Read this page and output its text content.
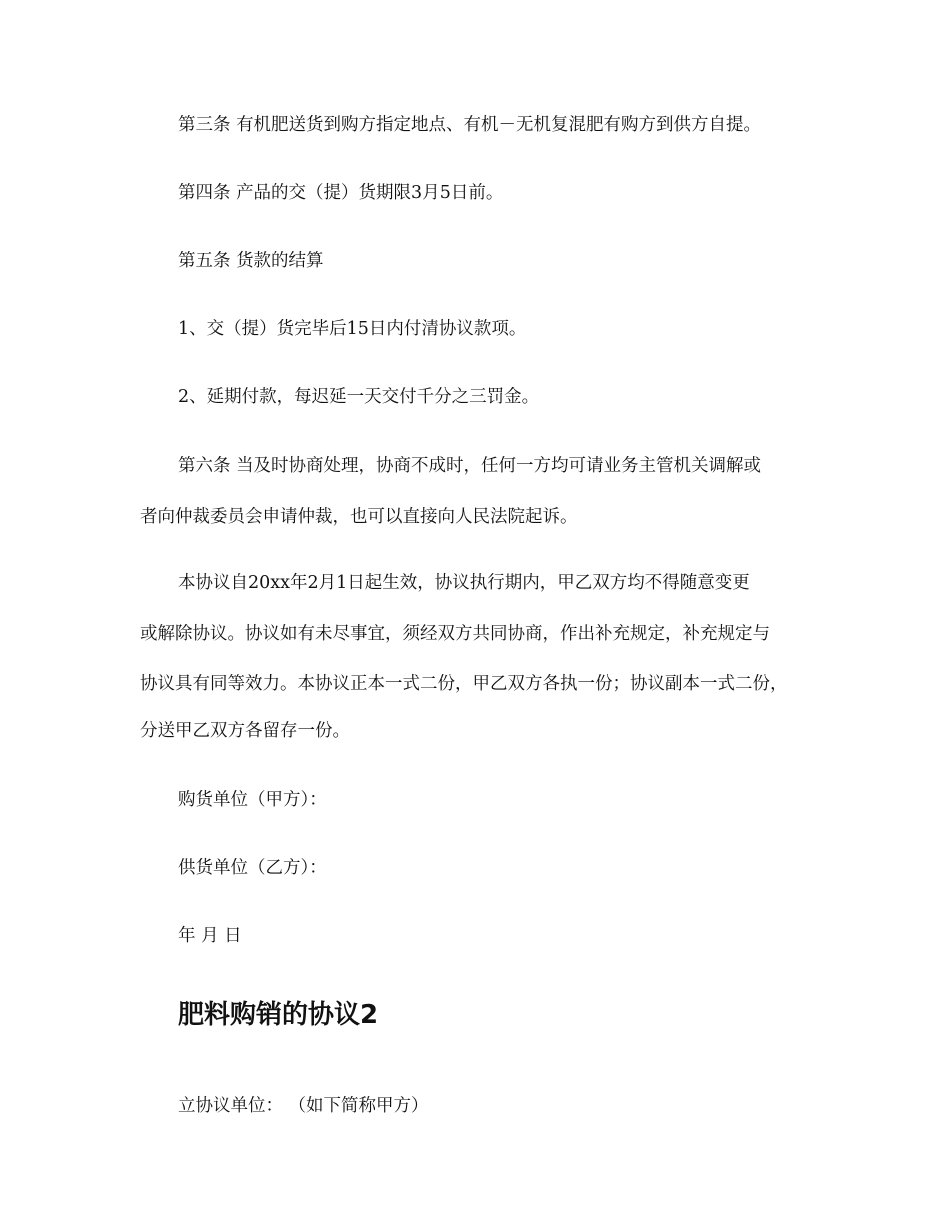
第三条 有机肥送货到购方指定地点、有机－无机复混肥有购方到供方自提。
第四条 产品的交（提）货期限3月5日前。
第五条 货款的结算
1、交（提）货完毕后15日内付清协议款项。
2、延期付款，每迟延一天交付千分之三罚金。
第六条 当及时协商处理，协商不成时，任何一方均可请业务主管机关调解或
者向仲裁委员会申请仲裁，也可以直接向人民法院起诉。
本协议自20xx年2月1日起生效，协议执行期内，甲乙双方均不得随意变更
或解除协议。协议如有未尽事宜，须经双方共同协商，作出补充规定，补充规定与
协议具有同等效力。本协议正本一式二份，甲乙双方各执一份；协议副本一式二份，
分送甲乙双方各留存一份。
购货单位（甲方）：
供货单位（乙方）：
年 月 日
肥料购销的协议2
立协议单位： （如下简称甲方）
